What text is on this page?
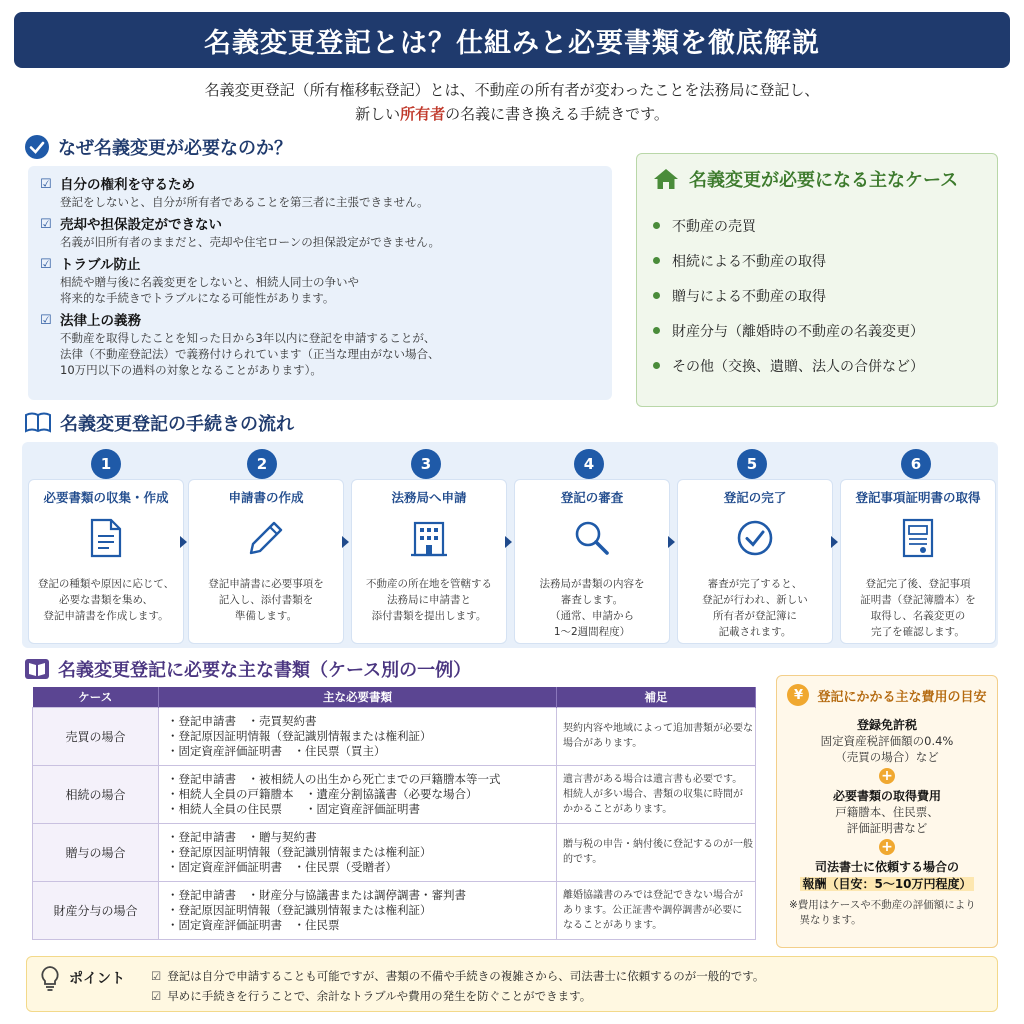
名義変更登記とは？仕組みと必要書類を徹底解説
名義変更登記（所有権移転登記）とは、不動産の所有者が変わったことを法務局に登記し、
新しい所有者の名義に書き換える手続きです。
なぜ名義変更が必要なのか？
☑ 自分の権利を守るため
登記をしないと、自分が所有者であることを第三者に主張できません。
☑ 売却や担保設定ができない
名義が旧所有者のままだと、売却や住宅ローンの担保設定ができません。
☑ トラブル防止
相続や贈与後に名義変更をしないと、相続人同士の争いや
将来的な手続きでトラブルになる可能性があります。
☑ 法律上の義務
不動産を取得したことを知った日から3年以内に登記を申請することが、
法律（不動産登記法）で義務付けられています（正当な理由がない場合、
10万円以下の過料の対象となることがあります）。
名義変更が必要になる主なケース
不動産の売買
相続による不動産の取得
贈与による不動産の取得
財産分与（離婚時の不動産の名義変更）
その他（交換、遺贈、法人の合併など）
名義変更登記の手続きの流れ
1	2	3	4	5	6
必要書類の収集・作成
登記の種類や原因に応じて、
必要な書類を集め、
登記申請書を作成します。
申請書の作成
登記申請書に必要事項を
記入し、添付書類を
準備します。
法務局へ申請
不動産の所在地を管轄する
法務局に申請書と
添付書類を提出します。
登記の審査
法務局が書類の内容を
審査します。
（通常、申請から
1〜2週間程度）
登記の完了
審査が完了すると、
登記が行われ、新しい
所有者が登記簿に
記載されます。
登記事項証明書の取得
登記完了後、登記事項
証明書（登記簿謄本）を
取得し、名義変更の
完了を確認します。
名義変更登記に必要な主な書類（ケース別の一例）
ケース	主な必要書類	補足
売買の場合	・登記申請書　・売買契約書
・登記原因証明情報（登記識別情報または権利証）
・固定資産評価証明書　・住民票（買主）	契約内容や地域によって追加書類が必要な
場合があります。
相続の場合	・登記申請書　・被相続人の出生から死亡までの戸籍謄本等一式
・相続人全員の戸籍謄本　・遺産分割協議書（必要な場合）
・相続人全員の住民票　　・固定資産評価証明書	遺言書がある場合は遺言書も必要です。
相続人が多い場合、書類の収集に時間が
かかることがあります。
贈与の場合	・登記申請書　・贈与契約書
・登記原因証明情報（登記識別情報または権利証）
・固定資産評価証明書　・住民票（受贈者）	贈与税の申告・納付後に登記するのが一般的です。
財産分与の場合	・登記申請書　・財産分与協議書または調停調書・審判書
・登記原因証明情報（登記識別情報または権利証）
・固定資産評価証明書　・住民票	離婚協議書のみでは登記できない場合が
あります。公正証書や調停調書が必要に
なることがあります。
¥	登記にかかる主な費用の目安
登録免許税
固定資産税評価額の0.4%
（売買の場合）など
+
必要書類の取得費用
戸籍謄本、住民票、
評価証明書など
+
司法書士に依頼する場合の
報酬（目安：5〜10万円程度）
※費用はケースや不動産の評価額により
　異なります。
ポイント ☑ 登記は自分で申請することも可能ですが、書類の不備や手続きの複雑さから、司法書士に依頼するのが一般的です。
☑ 早めに手続きを行うことで、余計なトラブルや費用の発生を防ぐことができます。
